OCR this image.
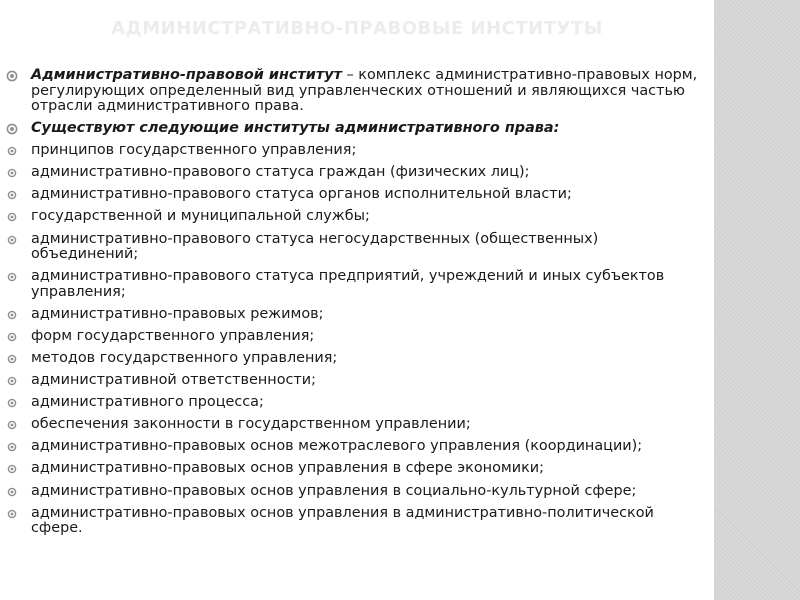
АДМИНИСТРАТИВНО-ПРАВОВЫЕ ИНСТИТУТЫ
Административно-правовой институт – комплекс административно-правовых норм, регулирующих определенный вид управленческих отношений и являющихся частью отрасли административного права.
Существуют следующие институты административного права:
принципов государственного управления;
административно-правового статуса граждан (физических лиц);
административно-правового статуса органов исполнительной власти;
государственной и муниципальной службы;
административно-правового статуса негосударственных (общественных) объединений;
административно-правового статуса предприятий, учреждений и иных субъектов управления;
административно-правовых режимов;
форм государственного управления;
методов государственного управления;
административной ответственности;
административного процесса;
обеспечения законности в государственном управлении;
административно-правовых основ межотраслевого управления (координации);
административно-правовых основ управления в сфере экономики;
административно-правовых основ управления в социально-культурной сфере;
административно-правовых основ управления в административно-политической сфере.
